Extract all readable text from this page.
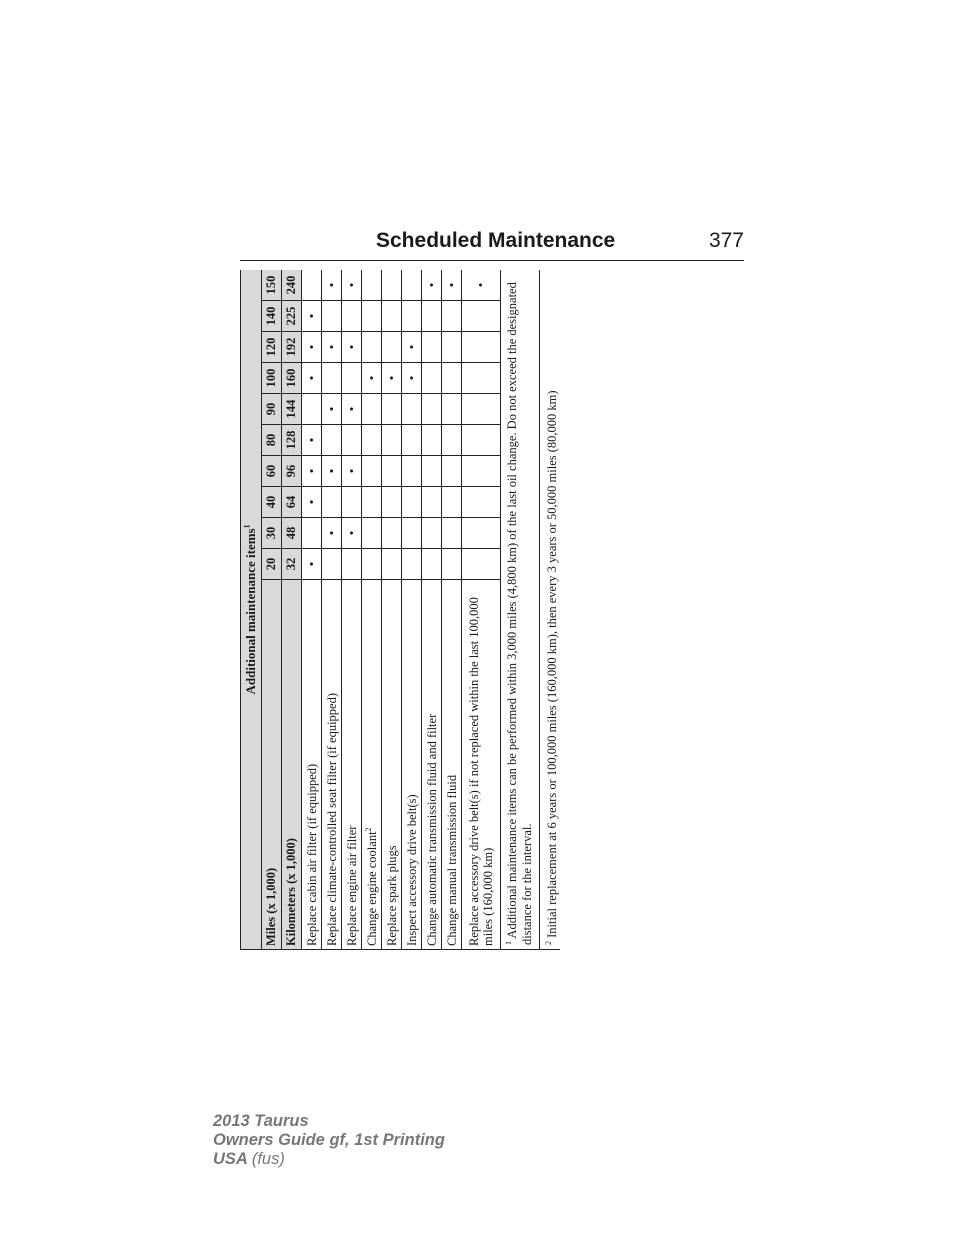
Scheduled Maintenance	377
Additional maintenance items$^1$
Miles (x 1,000)	20	30	40	60	80	90	100	120	140	150
Kilometers (x 1,000)	32	48	64	96	128	144	160	192	225	240
Replace cabin air filter (if equipped)	•		•	•	•		•	•	•	
Replace climate-controlled seat filter (if equipped)		•		•		•		•		•
Replace engine air filter		•		•		•		•		•
Change engine coolant$^2$							•			
Replace spark plugs							•			
Inspect accessory drive belt(s)							•	•		
Change automatic transmission fluid and filter										•
Change manual transmission fluid										•
Replace accessory drive belt(s) if not replaced within the last 100,000 miles (160,000 km)										•
$^1$ Additional maintenance items can be performed within 3,000 miles (4,800 km) of the last oil change. Do not exceed the designated distance for the interval.										
$^2$ Initial replacement at 6 years or 100,000 miles (160,000 km), then every 3 years or 50,000 miles (80,000 km)										
2013 Taurus
Owners Guide gf, 1st Printing
USA (fus)
